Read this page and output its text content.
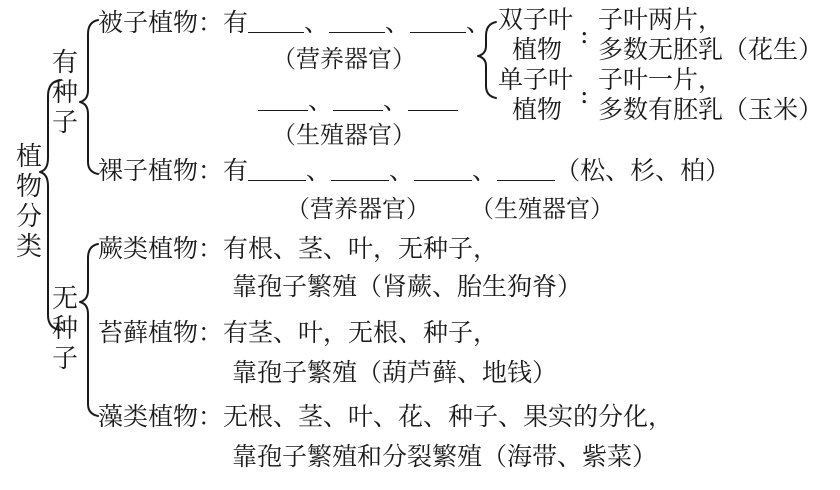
植
物
分
类
有
种
子
无
种
子
被子植物：有 、 、 、
（营养器官）
、 、
（生殖器官）
双子叶
植物
:
子叶两片，
多数无胚乳（花生）
单子叶
植物
:
子叶一片，
多数有胚乳（玉米）
裸子植物：有 、 、 、 （松、杉、柏）
（营养器官） （生殖器官）
蕨类植物：有根、茎、叶，无种子，
靠孢子繁殖（肾蕨、胎生狗脊）
苔藓植物：有茎、叶，无根、种子，
靠孢子繁殖（葫芦藓、地钱）
藻类植物：无根、茎、叶、花、种子、果实的分化，
靠孢子繁殖和分裂繁殖（海带、紫菜）
